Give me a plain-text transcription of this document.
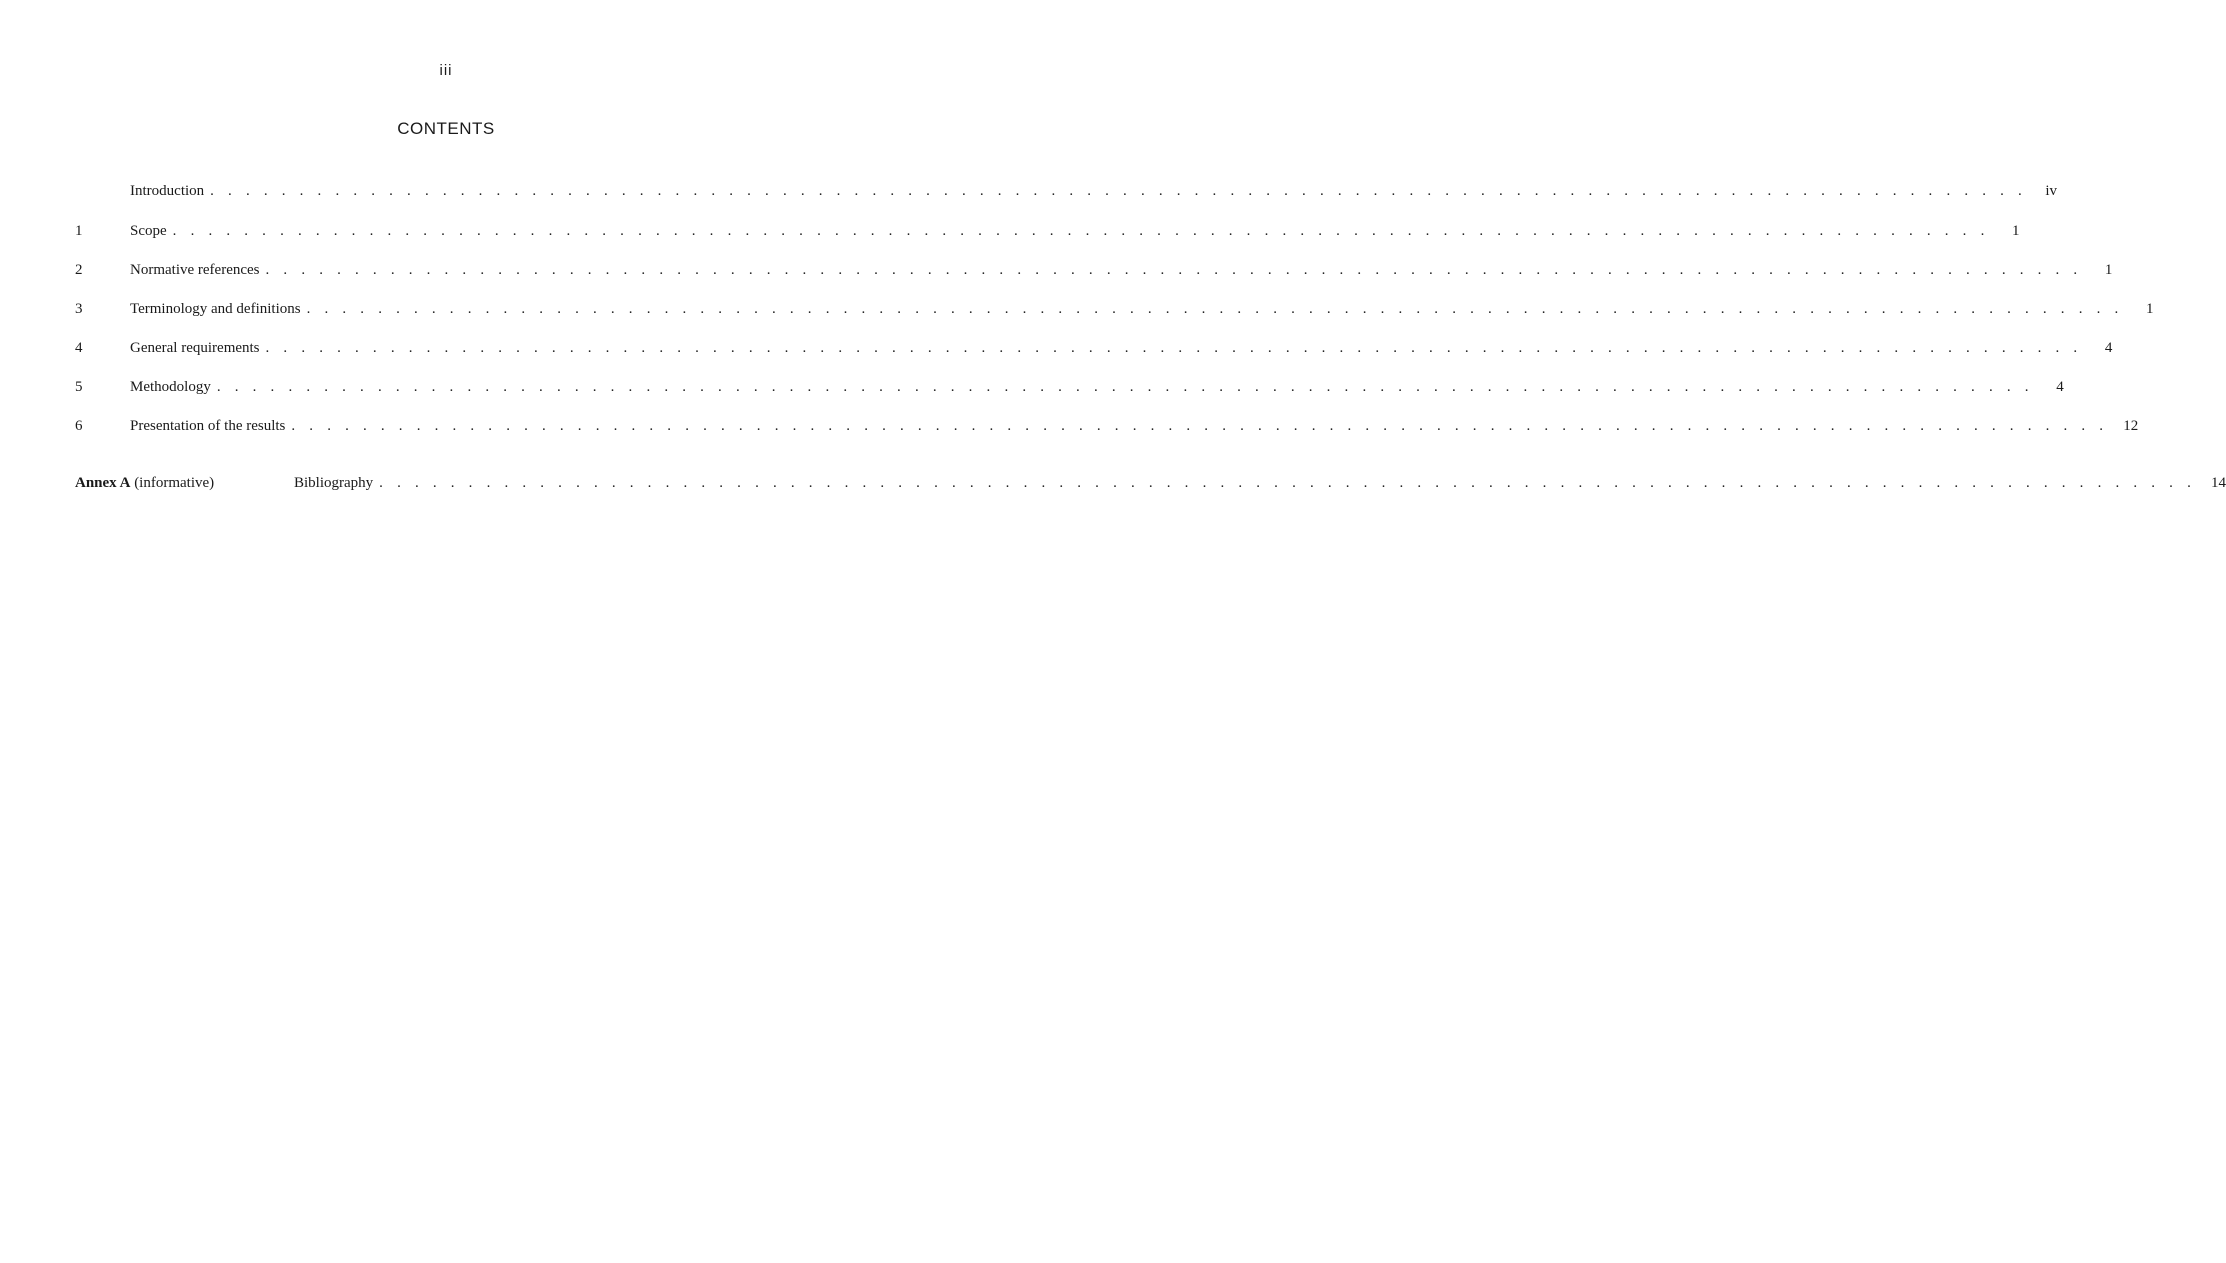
iii
CONTENTS
Introduction . . . . . . . . . . . . . . . . . . . . . . . . . . . . . . . . . . . . . . . . . . . . . . . . . . . . . . . . . . . . . . . . . . . . . . . . . . . . . . . . . . . . . . . . . . . . . . . . . . . . . .	iv
1	Scope . . . . . . . . . . . . . . . . . . . . . . . . . . . . . . . . . . . . . . . . . . . . . . . . . . . . . . . . . . . . . . . . . . . . . . . . . . . . . . . . . . . . . . . . . . . . . . . . . . . . . .	1
2	Normative references . . . . . . . . . . . . . . . . . . . . . . . . . . . . . . . . . . . . . . . . . . . . . . . . . . . . . . . . . . . . . . . . . . . . . . . . . . . . . . . . . . . . . . . . . . . . . . . . . . . . . .	1
3	Terminology and definitions . . . . . . . . . . . . . . . . . . . . . . . . . . . . . . . . . . . . . . . . . . . . . . . . . . . . . . . . . . . . . . . . . . . . . . . . . . . . . . . . . . . . . . . . . . . . . . . . . . . . . .	1
4	General requirements . . . . . . . . . . . . . . . . . . . . . . . . . . . . . . . . . . . . . . . . . . . . . . . . . . . . . . . . . . . . . . . . . . . . . . . . . . . . . . . . . . . . . . . . . . . . . . . . . . . . . .	4
5	Methodology . . . . . . . . . . . . . . . . . . . . . . . . . . . . . . . . . . . . . . . . . . . . . . . . . . . . . . . . . . . . . . . . . . . . . . . . . . . . . . . . . . . . . . . . . . . . . . . . . . . . . .	4
6	Presentation of the results . . . . . . . . . . . . . . . . . . . . . . . . . . . . . . . . . . . . . . . . . . . . . . . . . . . . . . . . . . . . . . . . . . . . . . . . . . . . . . . . . . . . . . . . . . . . . . . . . . . . . .	12
Annex A (informative)	Bibliography . . . . . . . . . . . . . . . . . . . . . . . . . . . . . . . . . . . . . . . . . . . . . . . . . . . . . . . . . . . . . . . . . . . . . . . . . . . . . . . . . . . . . . . . . . . . . . . . . . . . . .	14
